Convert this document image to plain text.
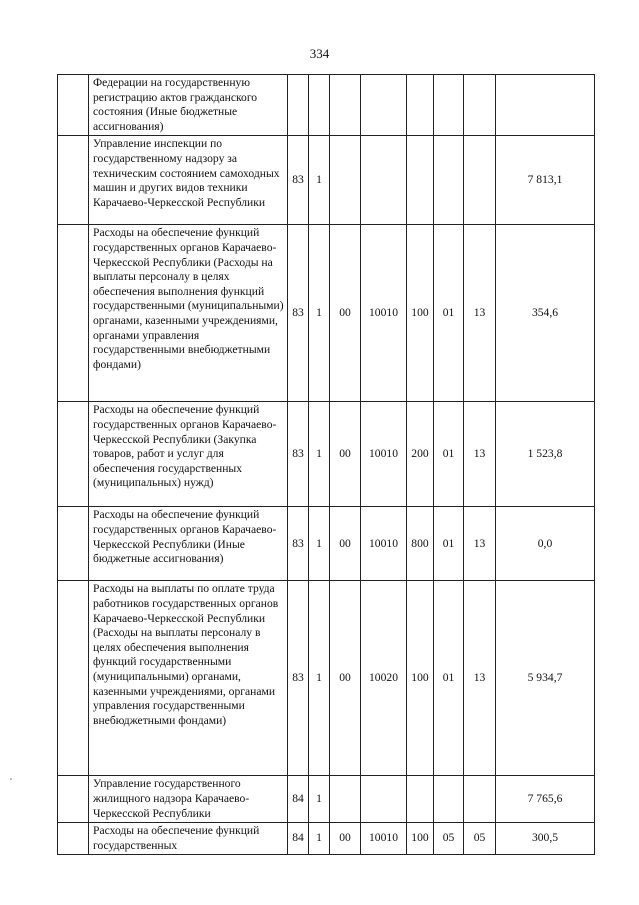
334
	Федерации на государственную регистрацию актов гражданского состояния (Иные бюджетные ассигнования)								
	Управление инспекции по государственному надзору за техническим состоянием самоходных машин и других видов техники Карачаево-Черкесской Республики	83	1						7 813,1
	Расходы на обеспечение функций государственных органов Карачаево-Черкесской Республики (Расходы на выплаты персоналу в целях обеспечения выполнения функций государственными (муниципальными) органами, казенными учреждениями, органами управления государственными внебюджетными фондами)	83	1	00	10010	100	01	13	354,6
	Расходы на обеспечение функций государственных органов Карачаево-Черкесской Республики (Закупка товаров, работ и услуг для обеспечения государственных (муниципальных) нужд)	83	1	00	10010	200	01	13	1 523,8
	Расходы на обеспечение функций государственных органов Карачаево-Черкесской Республики (Иные бюджетные ассигнования)	83	1	00	10010	800	01	13	0,0
	Расходы на выплаты по оплате труда работников государственных органов Карачаево-Черкесской Республики (Расходы на выплаты персоналу в целях обеспечения выполнения функций государственными (муниципальными) органами, казенными учреждениями, органами управления государственными внебюджетными фондами)	83	1	00	10020	100	01	13	5 934,7
	Управление государственного жилищного надзора Карачаево-Черкесской Республики	84	1						7 765,6
	Расходы на обеспечение функций государственных	84	1	00	10010	100	05	05	300,5
